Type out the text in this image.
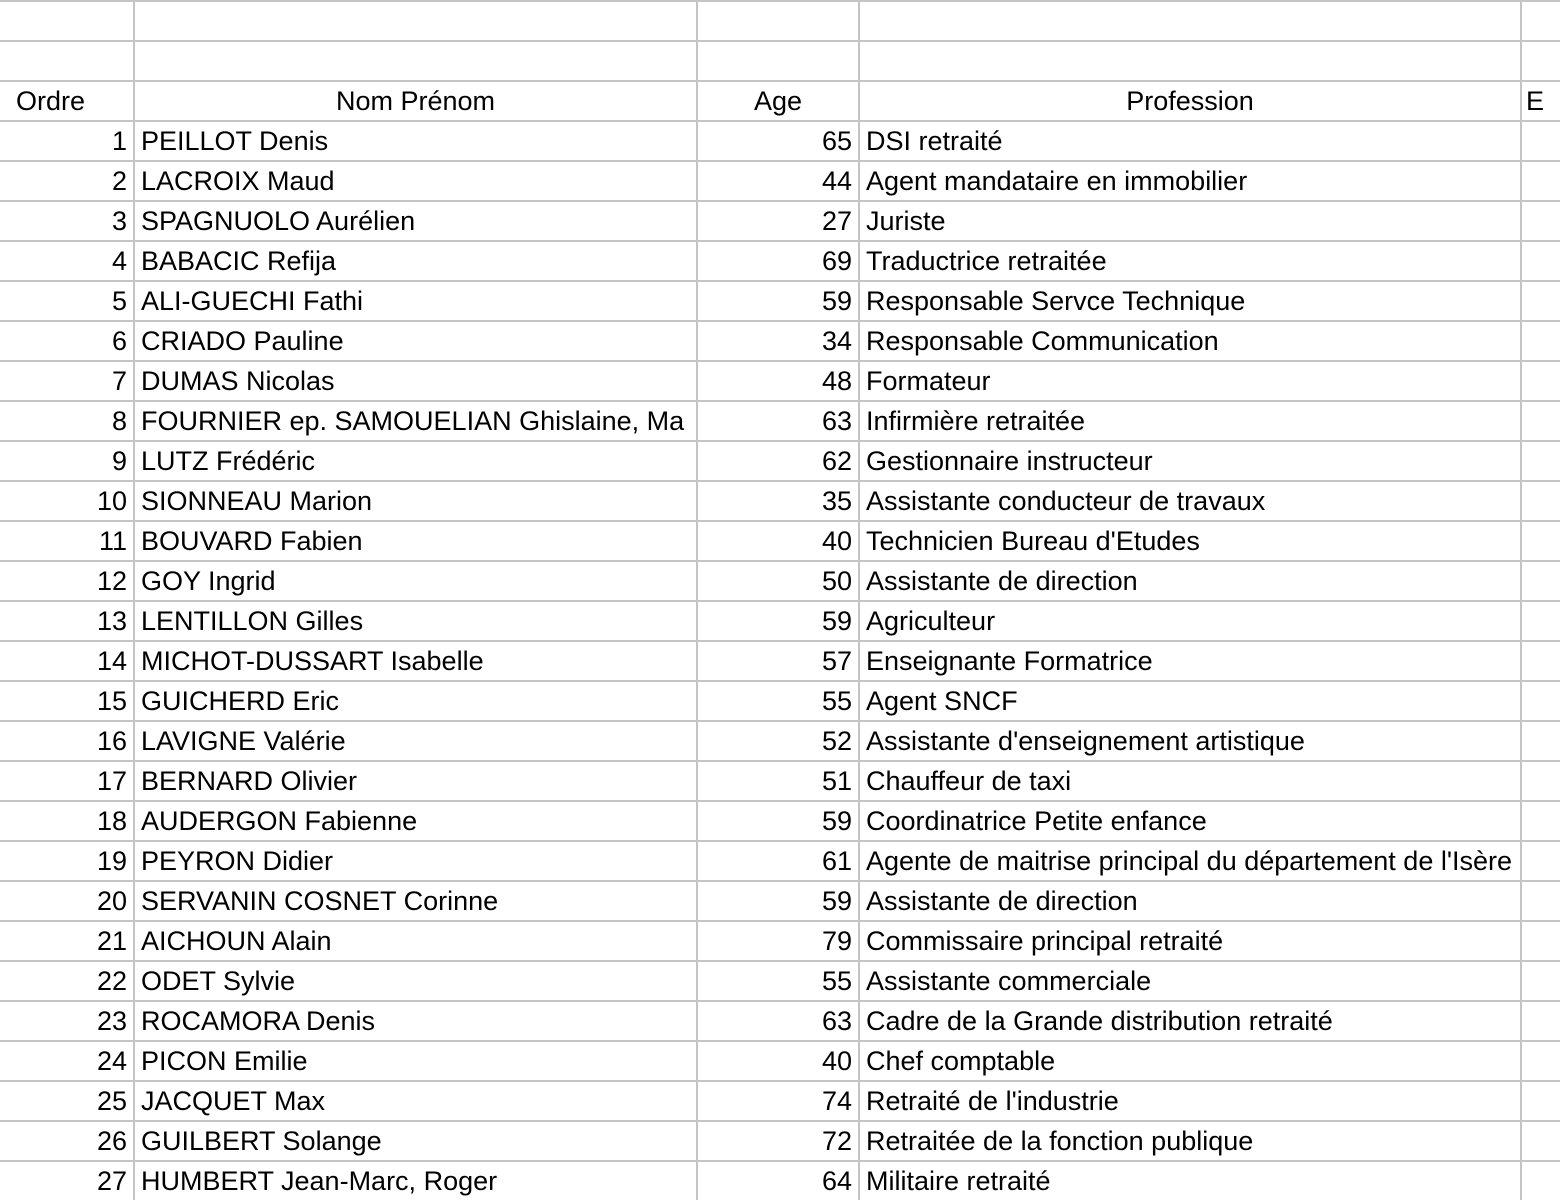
Ordre	Nom Prénom	Age	Profession	E
1	PEILLOT Denis	65	DSI retraité	
2	LACROIX Maud	44	Agent mandataire en immobilier	
3	SPAGNUOLO Aurélien	27	Juriste	
4	BABACIC Refija	69	Traductrice retraitée	
5	ALI-GUECHI Fathi	59	Responsable Servce Technique	
6	CRIADO Pauline	34	Responsable Communication	
7	DUMAS Nicolas	48	Formateur	
8	FOURNIER ep. SAMOUELIAN Ghislaine, Ma	63	Infirmière retraitée	
9	LUTZ Frédéric	62	Gestionnaire instructeur	
10	SIONNEAU Marion	35	Assistante conducteur de travaux	
11	BOUVARD Fabien	40	Technicien Bureau d'Etudes	
12	GOY Ingrid	50	Assistante de direction	
13	LENTILLON Gilles	59	Agriculteur	
14	MICHOT-DUSSART Isabelle	57	Enseignante Formatrice	
15	GUICHERD Eric	55	Agent SNCF	
16	LAVIGNE Valérie	52	Assistante d'enseignement artistique	
17	BERNARD Olivier	51	Chauffeur de taxi	
18	AUDERGON Fabienne	59	Coordinatrice Petite enfance	
19	PEYRON Didier	61	Agente de maitrise principal du département de l'Isère	
20	SERVANIN COSNET Corinne	59	Assistante de direction	
21	AICHOUN Alain	79	Commissaire principal retraité	
22	ODET Sylvie	55	Assistante commerciale	
23	ROCAMORA Denis	63	Cadre de la Grande distribution retraité	
24	PICON Emilie	40	Chef comptable	
25	JACQUET Max	74	Retraité de l'industrie	
26	GUILBERT Solange	72	Retraitée de la fonction publique	
27	HUMBERT Jean-Marc, Roger	64	Militaire retraité	
